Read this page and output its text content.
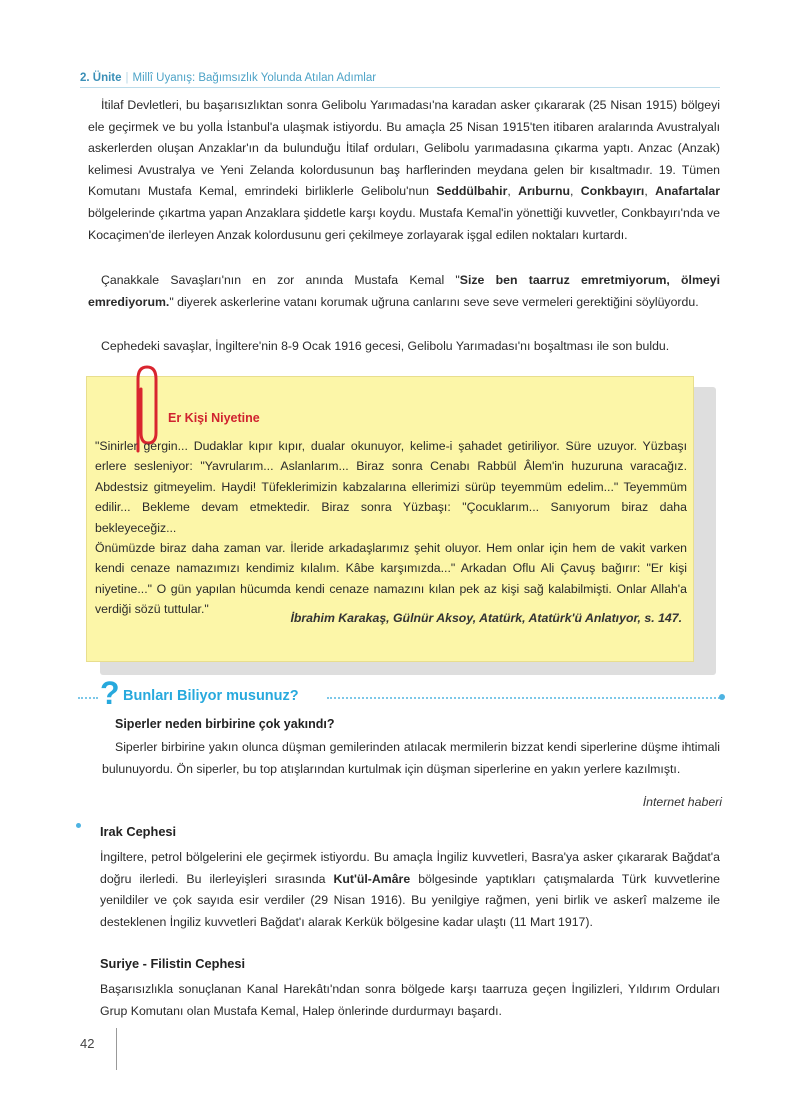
2. Ünite | Millî Uyanış: Bağımsızlık Yolunda Atılan Adımlar

İtilaf Devletleri, bu başarısızlıktan sonra Gelibolu Yarımadası'na karadan asker çıkararak (25 Nisan 1915) bölgeyi ele geçirmek ve bu yolla İstanbul'a ulaşmak istiyordu. Bu amaçla 25 Nisan 1915'ten itibaren aralarında Avustralyalı askerlerden oluşan Anzaklar'ın da bulunduğu İtilaf orduları, Gelibolu yarımadasına çıkarma yaptı. Anzac (Anzak) kelimesi Avustralya ve Yeni Zelanda kolordusunun baş harflerinden meydana gelen bir kısaltmadır. 19. Tümen Komutanı Mustafa Kemal, emrindeki birliklerle Gelibolu'nun Seddülbahir, Arıburnu, Conkbayırı, Anafartalar bölgelerinde çıkartma yapan Anzaklara şiddetle karşı koydu. Mustafa Kemal'in yönettiği kuvvetler, Conkbayırı'nda ve Kocaçimen'de ilerleyen Anzak kolordusunu geri çekilmeye zorlayarak işgal edilen noktaları kurtardı.

Çanakkale Savaşları'nın en zor anında Mustafa Kemal "Size ben taarruz emretmiyorum, ölmeyi emrediyorum." diyerek askerlerine vatanı korumak uğruna canlarını seve seve vermeleri gerektiğini söylüyordu.

Cephedeki savaşlar, İngiltere'nin 8-9 Ocak 1916 gecesi, Gelibolu Yarımadası'nı boşaltması ile son buldu.

Er Kişi Niyetine
"Sinirler gergin... Dudaklar kıpır kıpır, dualar okunuyor, kelime-i şahadet getiriliyor. Süre uzuyor. Yüzbaşı erlere sesleniyor: "Yavrularım... Aslanlarım... Biraz sonra Cenabı Rabbül Âlem'in huzuruna varacağız. Abdestsiz gitmeyelim. Haydi! Tüfeklerimizin kabzalarına ellerimizi sürüp teyemmüm edelim..." Teyemmüm edilir... Bekleme devam etmektedir. Biraz sonra Yüzbaşı: "Çocuklarım... Sanıyorum biraz daha bekleyeceğiz...
Önümüzde biraz daha zaman var. İleride arkadaşlarımız şehit oluyor. Hem onlar için hem de vakit varken kendi cenaze namazımızı kendimiz kılalım. Kâbe karşımızda..." Arkadan Oflu Ali Çavuş bağırır: "Er kişi niyetine..." O gün yapılan hücumda kendi cenaze namazını kılan pek az kişi sağ kalabilmişti. Onlar Allah'a verdiği sözü tuttular."
İbrahim Karakaş, Gülnür Aksoy, Atatürk, Atatürk'ü Anlatıyor, s. 147.
? Bunları Biliyor musunuz?
Siperler neden birbirine çok yakındı?

Siperler birbirine yakın olunca düşman gemilerinden atılacak mermilerin bizzat kendi siperlerine düşme ihtimali bulunuyordu. Ön siperler, bu top atışlarından kurtulmak için düşman siperlerine en yakın yerlere kazılmıştı.

İnternet haberi
Irak Cephesi

İngiltere, petrol bölgelerini ele geçirmek istiyordu. Bu amaçla İngiliz kuvvetleri, Basra'ya asker çıkararak Bağdat'a doğru ilerledi. Bu ilerleyişleri sırasında Kut'ül-Amâre bölgesinde yaptıkları çatışmalarda Türk kuvvetlerine yenildiler ve çok sayıda esir verdiler (29 Nisan 1916). Bu yenilgiye rağmen, yeni birlik ve askerî malzeme ile desteklenen İngiliz kuvvetleri Bağdat'ı alarak Kerkük bölgesine kadar ulaştı (11 Mart 1917).

Suriye - Filistin Cephesi

Başarısızlıkla sonuçlanan Kanal Harekâtı'ndan sonra bölgede karşı taarruza geçen İngilizleri, Yıldırım Orduları Grup Komutanı olan Mustafa Kemal, Halep önlerinde durdurmayı başardı.

42
